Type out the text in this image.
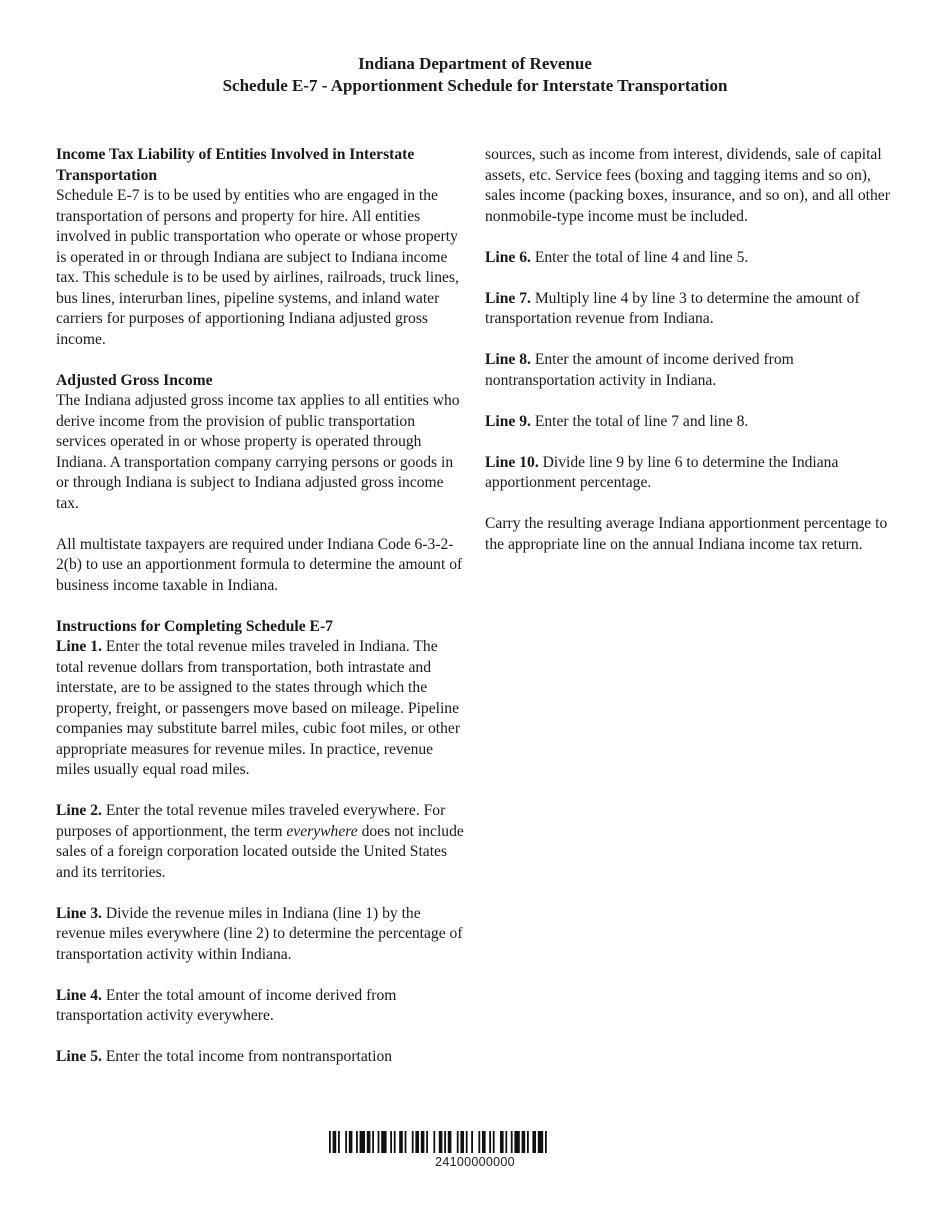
Indiana Department of Revenue
Schedule E-7 - Apportionment Schedule for Interstate Transportation

Income Tax Liability of Entities Involved in Interstate Transportation
Schedule E-7 is to be used by entities who are engaged in the transportation of persons and property for hire. All entities involved in public transportation who operate or whose property is operated in or through Indiana are subject to Indiana income tax. This schedule is to be used by airlines, railroads, truck lines, bus lines, interurban lines, pipeline systems, and inland water carriers for purposes of apportioning Indiana adjusted gross income.

Adjusted Gross Income
The Indiana adjusted gross income tax applies to all entities who derive income from the provision of public transportation services operated in or whose property is operated through Indiana. A transportation company carrying persons or goods in or through Indiana is subject to Indiana adjusted gross income tax.

All multistate taxpayers are required under Indiana Code 6-3-2-2(b) to use an apportionment formula to determine the amount of business income taxable in Indiana.

Instructions for Completing Schedule E-7
Line 1. Enter the total revenue miles traveled in Indiana. The total revenue dollars from transportation, both intrastate and interstate, are to be assigned to the states through which the property, freight, or passengers move based on mileage. Pipeline companies may substitute barrel miles, cubic foot miles, or other appropriate measures for revenue miles. In practice, revenue miles usually equal road miles.

Line 2. Enter the total revenue miles traveled everywhere. For purposes of apportionment, the term everywhere does not include sales of a foreign corporation located outside the United States and its territories.

Line 3. Divide the revenue miles in Indiana (line 1) by the revenue miles everywhere (line 2) to determine the percentage of transportation activity within Indiana.

Line 4. Enter the total amount of income derived from transportation activity everywhere.

Line 5. Enter the total income from nontransportation

sources, such as income from interest, dividends, sale of capital assets, etc. Service fees (boxing and tagging items and so on), sales income (packing boxes, insurance, and so on), and all other nonmobile-type income must be included.

Line 6. Enter the total of line 4 and line 5.

Line 7. Multiply line 4 by line 3 to determine the amount of transportation revenue from Indiana.

Line 8. Enter the amount of income derived from nontransportation activity in Indiana.

Line 9. Enter the total of line 7 and line 8.

Line 10. Divide line 9 by line 6 to determine the Indiana apportionment percentage.

Carry the resulting average Indiana apportionment percentage to the appropriate line on the annual Indiana income tax return.

24100000000
